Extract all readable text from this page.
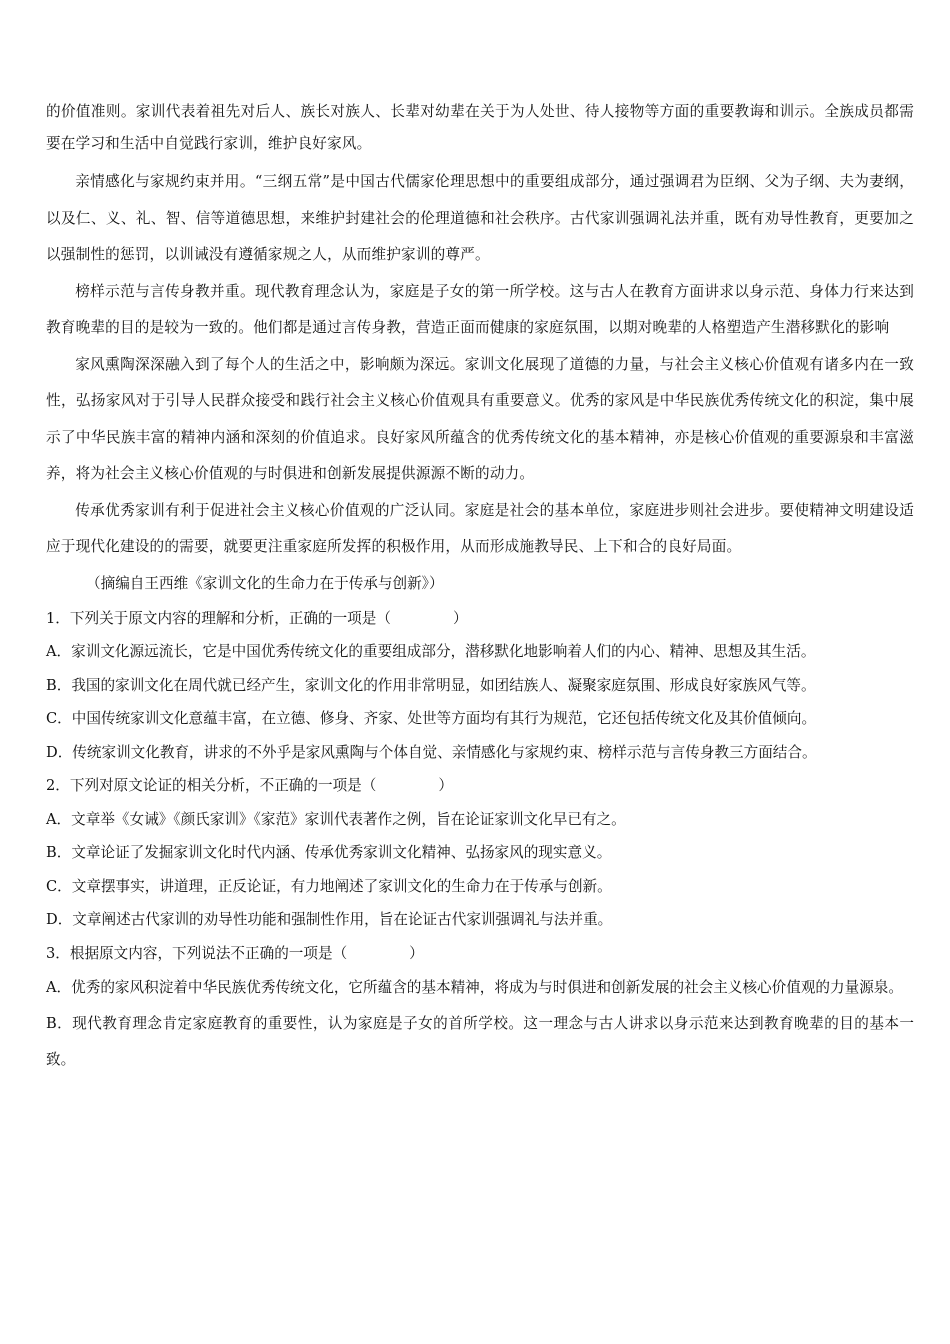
的价值准则。家训代表着祖先对后人、族长对族人、长辈对幼辈在关于为人处世、待人接物等方面的重要教诲和训示。全族成员都需要在学习和生活中自觉践行家训，维护良好家风。

亲情感化与家规约束并用。“三纲五常”是中国古代儒家伦理思想中的重要组成部分，通过强调君为臣纲、父为子纲、夫为妻纲，以及仁、义、礼、智、信等道德思想，来维护封建社会的伦理道德和社会秩序。古代家训强调礼法并重，既有劝导性教育，更要加之以强制性的惩罚，以训诫没有遵循家规之人，从而维护家训的尊严。

榜样示范与言传身教并重。现代教育理念认为，家庭是子女的第一所学校。这与古人在教育方面讲求以身示范、身体力行来达到教育晚辈的目的是较为一致的。他们都是通过言传身教，营造正面而健康的家庭氛围，以期对晚辈的人格塑造产生潜移默化的影响

家风熏陶深深融入到了每个人的生活之中，影响颇为深远。家训文化展现了道德的力量，与社会主义核心价值观有诸多内在一致性，弘扬家风对于引导人民群众接受和践行社会主义核心价值观具有重要意义。优秀的家风是中华民族优秀传统文化的积淀，集中展示了中华民族丰富的精神内涵和深刻的价值追求。良好家风所蕴含的优秀传统文化的基本精神，亦是核心价值观的重要源泉和丰富滋养，将为社会主义核心价值观的与时俱进和创新发展提供源源不断的动力。

传承优秀家训有利于促进社会主义核心价值观的广泛认同。家庭是社会的基本单位，家庭进步则社会进步。要使精神文明建设适应于现代化建设的的需要，就要更注重家庭所发挥的积极作用，从而形成施教导民、上下和合的良好局面。

（摘编自王西维《家训文化的生命力在于传承与创新》）

1．下列关于原文内容的理解和分析，正确的一项是（	）

A．家训文化源远流长，它是中国优秀传统文化的重要组成部分，潜移默化地影响着人们的内心、精神、思想及其生活。

B．我国的家训文化在周代就已经产生，家训文化的作用非常明显，如团结族人、凝聚家庭氛围、形成良好家族风气等。

C．中国传统家训文化意蕴丰富，在立德、修身、齐家、处世等方面均有其行为规范，它还包括传统文化及其价值倾向。

D．传统家训文化教育，讲求的不外乎是家风熏陶与个体自觉、亲情感化与家规约束、榜样示范与言传身教三方面结合。

2．下列对原文论证的相关分析，不正确的一项是（	）

A．文章举《女诫》《颜氏家训》《家范》家训代表著作之例，旨在论证家训文化早已有之。

B．文章论证了发掘家训文化时代内涵、传承优秀家训文化精神、弘扬家风的现实意义。

C．文章摆事实，讲道理，正反论证，有力地阐述了家训文化的生命力在于传承与创新。

D．文章阐述古代家训的劝导性功能和强制性作用，旨在论证古代家训强调礼与法并重。

3．根据原文内容，下列说法不正确的一项是（	）

A．优秀的家风积淀着中华民族优秀传统文化，它所蕴含的基本精神，将成为与时俱进和创新发展的社会主义核心价值观的力量源泉。

B．现代教育理念肯定家庭教育的重要性，认为家庭是子女的首所学校。这一理念与古人讲求以身示范来达到教育晚辈的目的基本一致。
